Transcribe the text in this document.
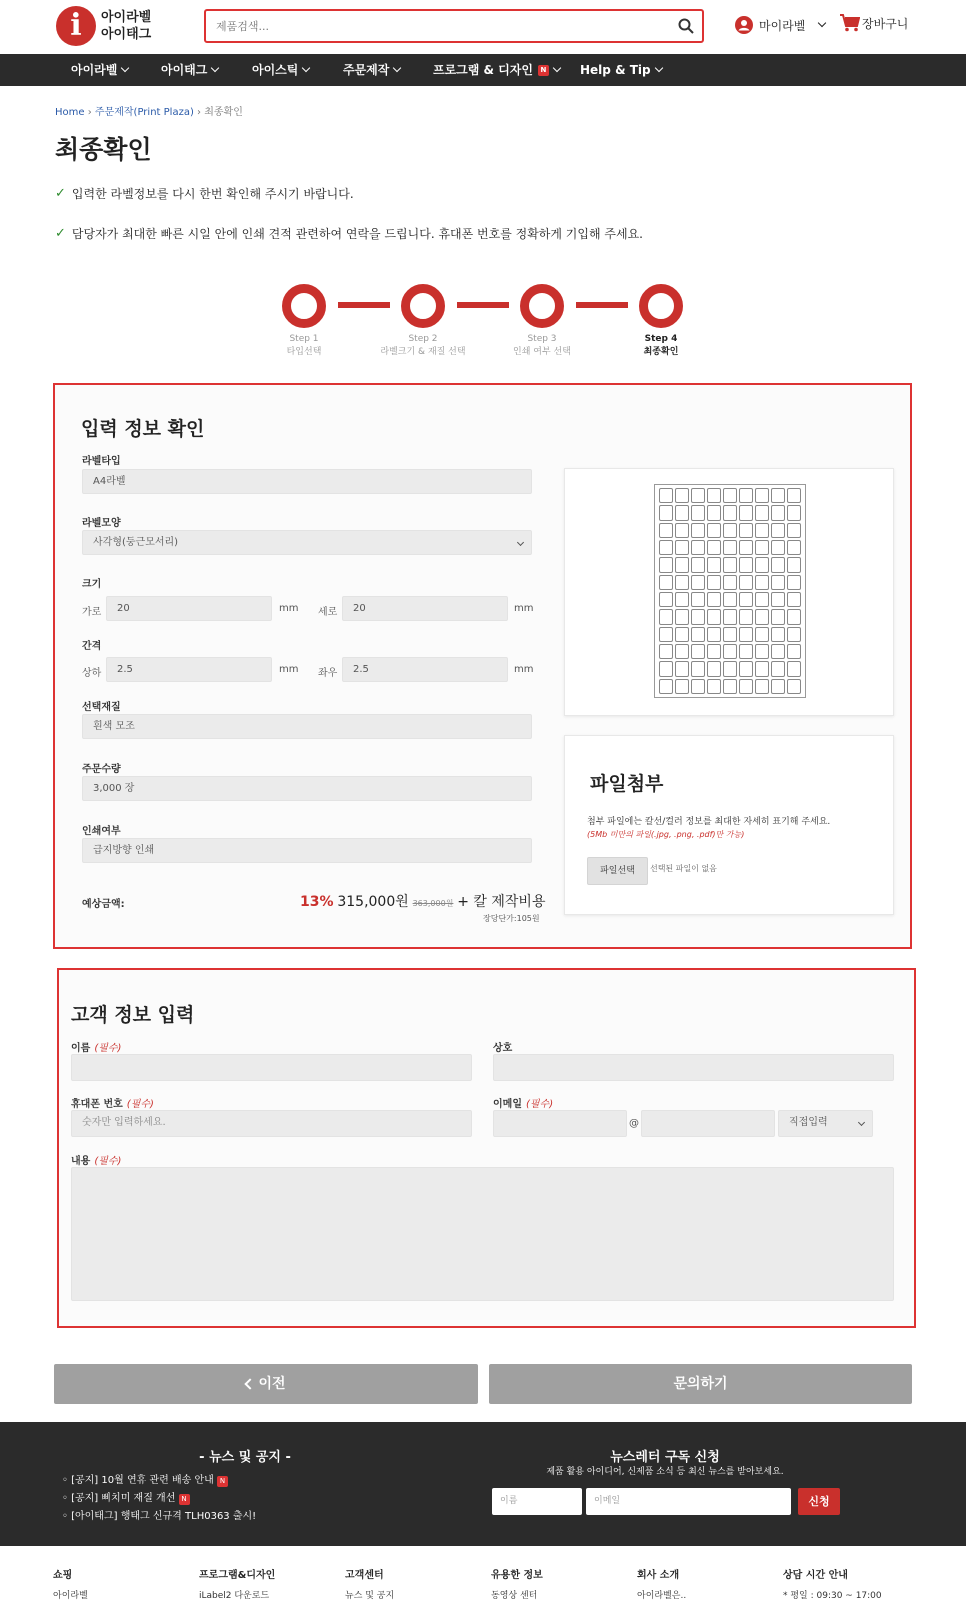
i	아이라벨
아이태그
제품검색...
마이라벨	장바구니
아이라벨	아이태그	아이스틱	주문제작	프로그램 & 디자인	N	Help & Tip
Home › 주문제작(Print Plaza) › 최종확인
최종확인
✓ 입력한 라벨정보를 다시 한번 확인해 주시기 바랍니다.
✓ 담당자가 최대한 빠른 시일 안에 인쇄 견적 관련하여 연락을 드립니다. 휴대폰 번호를 정확하게 기입해 주세요.
Step 1
타입선택
Step 2
라벨크기 & 재질 선택
Step 3
인쇄 여부 선택
Step 4
최종확인
입력 정보 확인
라벨타입
A4라벨
라벨모양
사각형(둥근모서리)
크기
가로	20	mm 세로	20	mm
간격
상하	2.5	mm 좌우	2.5	mm
선택재질
흰색 모조
주문수량
3,000 장
인쇄여부
급지방향 인쇄
예상금액:	13% 315,000원 363,000원 + 칼 제작비용
장당단가:105원
파일첨부
첨부 파일에는 칼선/컬러 정보를 최대한 자세히 표기해 주세요.
(5Mb 미만의 파일(.jpg, .png, .pdf)만 가능)
파일선택	선택된 파일이 없음
고객 정보 입력
이름 (필수)	상호
휴대폰 번호 (필수)
숫자만 입력하세요.
이메일 (필수)
@	직접입력
내용 (필수)
이전	문의하기
- 뉴스 및 공지 -
◦ [공지] 10월 연휴 관련 배송 안내 N
◦ [공지] 삐치미 재질 개선 N
◦ [아이태그] 행태그 신규격 TLH0363 출시!
뉴스레터 구독 신청
제품 활용 아이디어, 신제품 소식 등 최신 뉴스를 받아보세요.
이름	이메일	신청
쇼핑
아이라벨
프로그램&디자인
iLabel2 다운로드
고객센터
뉴스 및 공지
유용한 정보
동영상 센터
회사 소개
아이라벨은..
상담 시간 안내
* 평일 : 09:30 ~ 17:00
